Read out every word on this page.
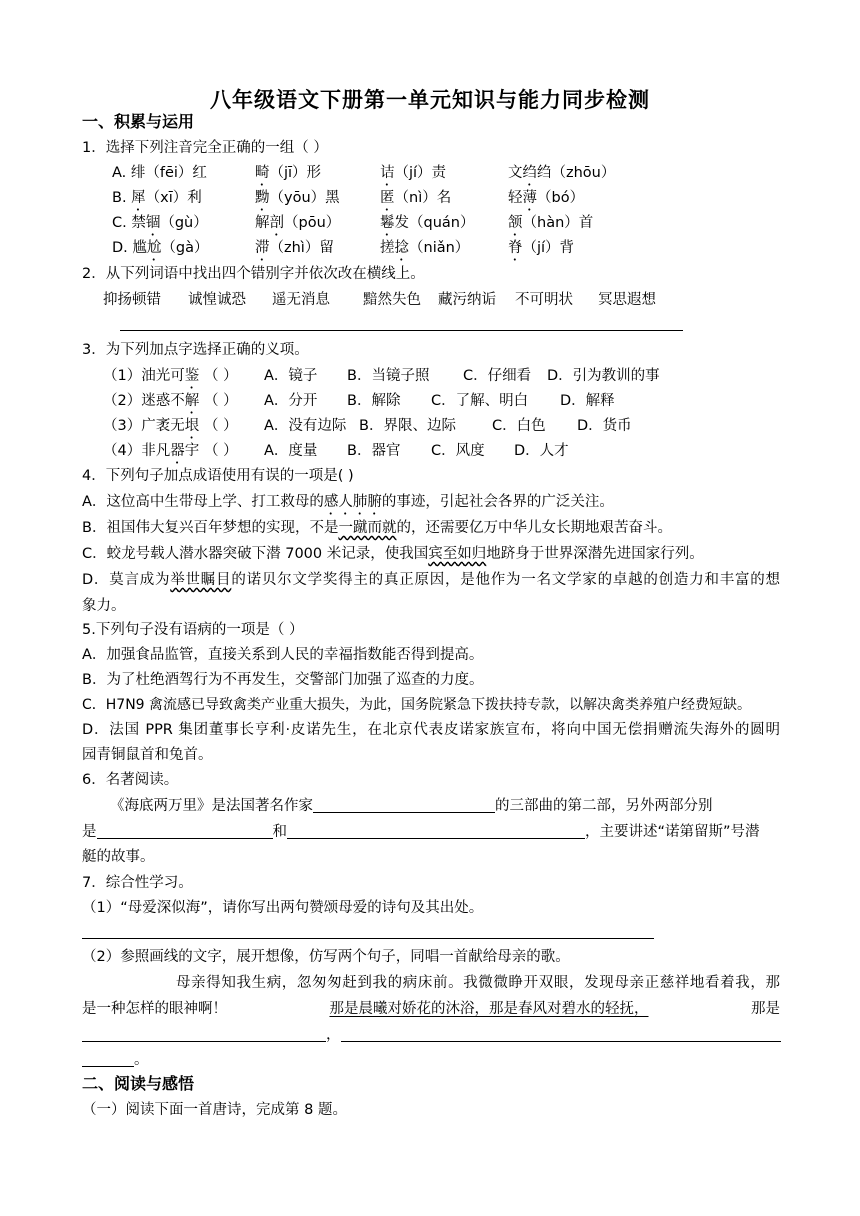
八年级语文下册第一单元知识与能力同步检测
一、积累与运用
1．选择下列注音完全正确的一组（ ）
A. 绯（fēi）红	畸（jī）形	诘（jí）责	文绉绉（zhōu）
B. 犀（xī）利	黝（yōu）黑	匿（nì）名	轻薄（bó）
C. 禁锢（gù）	解剖（pōu）	鬈发（quán） 颔（hàn）首
D. 尴尬（gà）	滞（zhì）留	搓捻（niǎn）	脊（jí）背
2．从下列词语中找出四个错别字并依次改在横线上。
抑扬顿错 诚惶诚恐 遥无消息 黯然失色 藏污纳诟 不可明状 冥思遐想
3．为下列加点字选择正确的义项。
（1）油光可鉴 （ ） A．镜子 B．当镜子照 C．仔细看 D．引为教训的事
（2）迷惑不解 （ ） A．分开 B．解除 C．了解、明白 D．解释
（3）广袤无垠 （ ） A．没有边际 B．界限、边际 C．白色 D．货币
（4）非凡器宇 （ ） A．度量 B．器官 C．风度 D．人才
4．下列句子加点成语使用有误的一项是( )
A．这位高中生带母上学、打工救母的感人肺腑的事迹，引起社会各界的广泛关注。
B．祖国伟大复兴百年梦想的实现，不是一蹴而就的，还需要亿万中华儿女长期地艰苦奋斗。
C．蛟龙号载人潜水器突破下潜 7000 米记录，使我国宾至如归地跻身于世界深潜先进国家行列。
D．莫言成为举世瞩目的诺贝尔文学奖得主的真正原因，是他作为一名文学家的卓越的创造力和丰富的想
象力。
5.下列句子没有语病的一项是（ ）
A．加强食品监管，直接关系到人民的幸福指数能否得到提高。
B．为了杜绝酒驾行为不再发生，交警部门加强了巡查的力度。
C．H7N9 禽流感已导致禽类产业重大损失，为此，国务院紧急下拨扶持专款，以解决禽类养殖户经费短缺。
D．法国 PPR 集团董事长亨利·皮诺先生，在北京代表皮诺家族宣布，将向中国无偿捐赠流失海外的圆明
园青铜鼠首和兔首。
6．名著阅读。
《海底两万里》是法国著名作家	的三部曲的第二部，另外两部分别
是	和	，主要讲述“诺第留斯”号潜
艇的故事。
7．综合性学习。
（1）“母爱深似海”，请你写出两句赞颂母爱的诗句及其出处。
（2）参照画线的文字，展开想像，仿写两个句子，同唱一首献给母亲的歌。
母亲得知我生病，忽匆匆赶到我的病床前。我微微睁开双眼，发现母亲正慈祥地看着我，那
是一种怎样的眼神啊！	那是晨曦对娇花的沐浴，那是春风对碧水的轻抚，	那是
，
。
二、阅读与感悟
（一）阅读下面一首唐诗，完成第 8 题。
